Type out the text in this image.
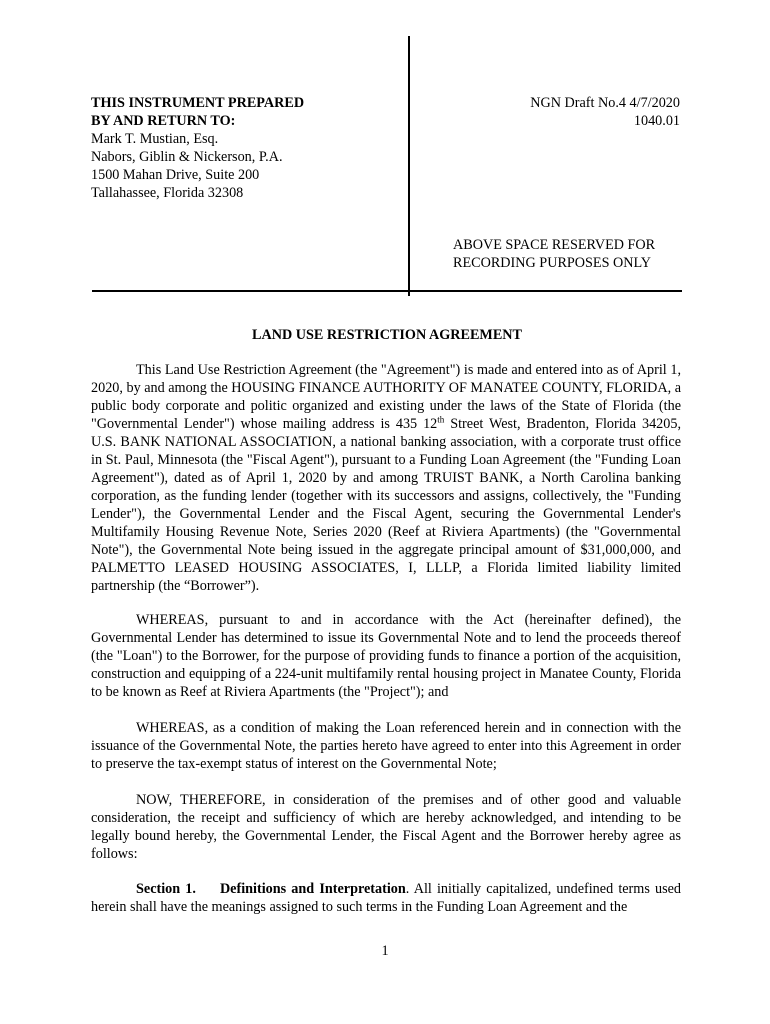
THIS INSTRUMENT PREPARED
BY AND RETURN TO:
Mark T. Mustian, Esq.
Nabors, Giblin & Nickerson, P.A.
1500 Mahan Drive, Suite 200
Tallahassee, Florida 32308
NGN Draft No.4 4/7/2020
1040.01
ABOVE SPACE RESERVED FOR
RECORDING PURPOSES ONLY
LAND USE RESTRICTION AGREEMENT

This Land Use Restriction Agreement (the "Agreement") is made and entered into as of April 1, 2020, by and among the HOUSING FINANCE AUTHORITY OF MANATEE COUNTY, FLORIDA, a public body corporate and politic organized and existing under the laws of the State of Florida (the "Governmental Lender") whose mailing address is 435 12th Street West, Bradenton, Florida 34205, U.S. BANK NATIONAL ASSOCIATION, a national banking association, with a corporate trust office in St. Paul, Minnesota (the "Fiscal Agent"), pursuant to a Funding Loan Agreement (the "Funding Loan Agreement"), dated as of April 1, 2020 by and among TRUIST BANK, a North Carolina banking corporation, as the funding lender (together with its successors and assigns, collectively, the "Funding Lender"), the Governmental Lender and the Fiscal Agent, securing the Governmental Lender's Multifamily Housing Revenue Note, Series 2020 (Reef at Riviera Apartments) (the "Governmental Note"), the Governmental Note being issued in the aggregate principal amount of $31,000,000, and PALMETTO LEASED HOUSING ASSOCIATES, I, LLLP, a Florida limited liability limited partnership (the “Borrower”).

WHEREAS, pursuant to and in accordance with the Act (hereinafter defined), the Governmental Lender has determined to issue its Governmental Note and to lend the proceeds thereof (the "Loan") to the Borrower, for the purpose of providing funds to finance a portion of the acquisition, construction and equipping of a 224-unit multifamily rental housing project in Manatee County, Florida to be known as Reef at Riviera Apartments (the "Project"); and

WHEREAS, as a condition of making the Loan referenced herein and in connection with the issuance of the Governmental Note, the parties hereto have agreed to enter into this Agreement in order to preserve the tax-exempt status of interest on the Governmental Note;

NOW, THEREFORE, in consideration of the premises and of other good and valuable consideration, the receipt and sufficiency of which are hereby acknowledged, and intending to be legally bound hereby, the Governmental Lender, the Fiscal Agent and the Borrower hereby agree as follows:

Section 1. Definitions and Interpretation. All initially capitalized, undefined terms used herein shall have the meanings assigned to such terms in the Funding Loan Agreement and the

1
